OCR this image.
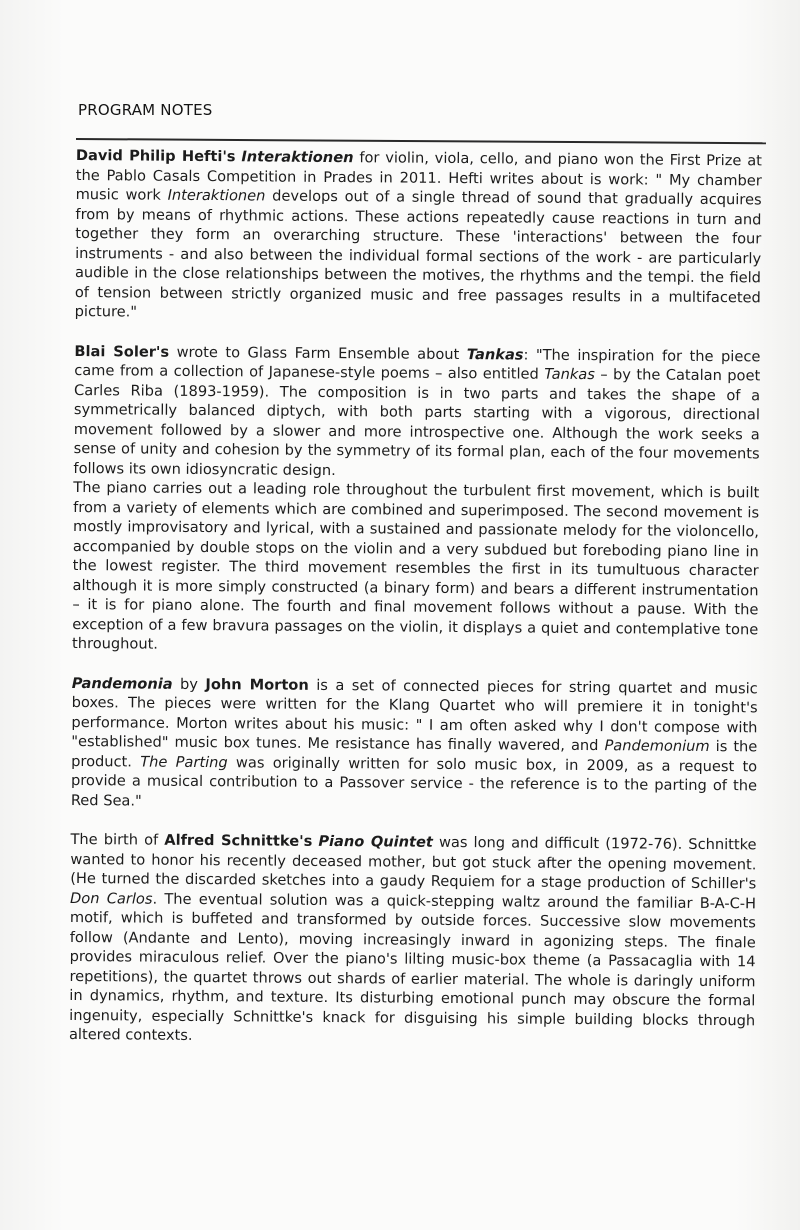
PROGRAM NOTES

David Philip Hefti's Interaktionen for violin, viola, cello, and piano won the First Prize at the Pablo Casals Competition in Prades in 2011. Hefti writes about is work: " My chamber music work Interaktionen develops out of a single thread of sound that gradually acquires from by means of rhythmic actions. These actions repeatedly cause reactions in turn and together they form an overarching structure. These 'interactions' between the four instruments - and also between the individual formal sections of the work - are particularly audible in the close relationships between the motives, the rhythms and the tempi. the field of tension between strictly organized music and free passages results in a multifaceted picture."

Blai Soler's wrote to Glass Farm Ensemble about Tankas: "The inspiration for the piece came from a collection of Japanese-style poems – also entitled Tankas – by the Catalan poet Carles Riba (1893-1959). The composition is in two parts and takes the shape of a symmetrically balanced diptych, with both parts starting with a vigorous, directional movement followed by a slower and more introspective one. Although the work seeks a sense of unity and cohesion by the symmetry of its formal plan, each of the four movements follows its own idiosyncratic design.

The piano carries out a leading role throughout the turbulent first movement, which is built from a variety of elements which are combined and superimposed. The second movement is mostly improvisatory and lyrical, with a sustained and passionate melody for the violoncello, accompanied by double stops on the violin and a very subdued but foreboding piano line in the lowest register. The third movement resembles the first in its tumultuous character although it is more simply constructed (a binary form) and bears a different instrumentation – it is for piano alone. The fourth and final movement follows without a pause. With the exception of a few bravura passages on the violin, it displays a quiet and contemplative tone throughout.

Pandemonia by John Morton is a set of connected pieces for string quartet and music boxes. The pieces were written for the Klang Quartet who will premiere it in tonight's performance. Morton writes about his music: " I am often asked why I don't compose with "established" music box tunes. Me resistance has finally wavered, and Pandemonium is the product. The Parting was originally written for solo music box, in 2009, as a request to provide a musical contribution to a Passover service - the reference is to the parting of the Red Sea."

The birth of Alfred Schnittke's Piano Quintet was long and difficult (1972-76). Schnittke wanted to honor his recently deceased mother, but got stuck after the opening movement. (He turned the discarded sketches into a gaudy Requiem for a stage production of Schiller's Don Carlos. The eventual solution was a quick-stepping waltz around the familiar B-A-C-H motif, which is buffeted and transformed by outside forces. Successive slow movements follow (Andante and Lento), moving increasingly inward in agonizing steps. The finale provides miraculous relief. Over the piano's lilting music-box theme (a Passacaglia with 14 repetitions), the quartet throws out shards of earlier material. The whole is daringly uniform in dynamics, rhythm, and texture. Its disturbing emotional punch may obscure the formal ingenuity, especially Schnittke's knack for disguising his simple building blocks through altered contexts.
